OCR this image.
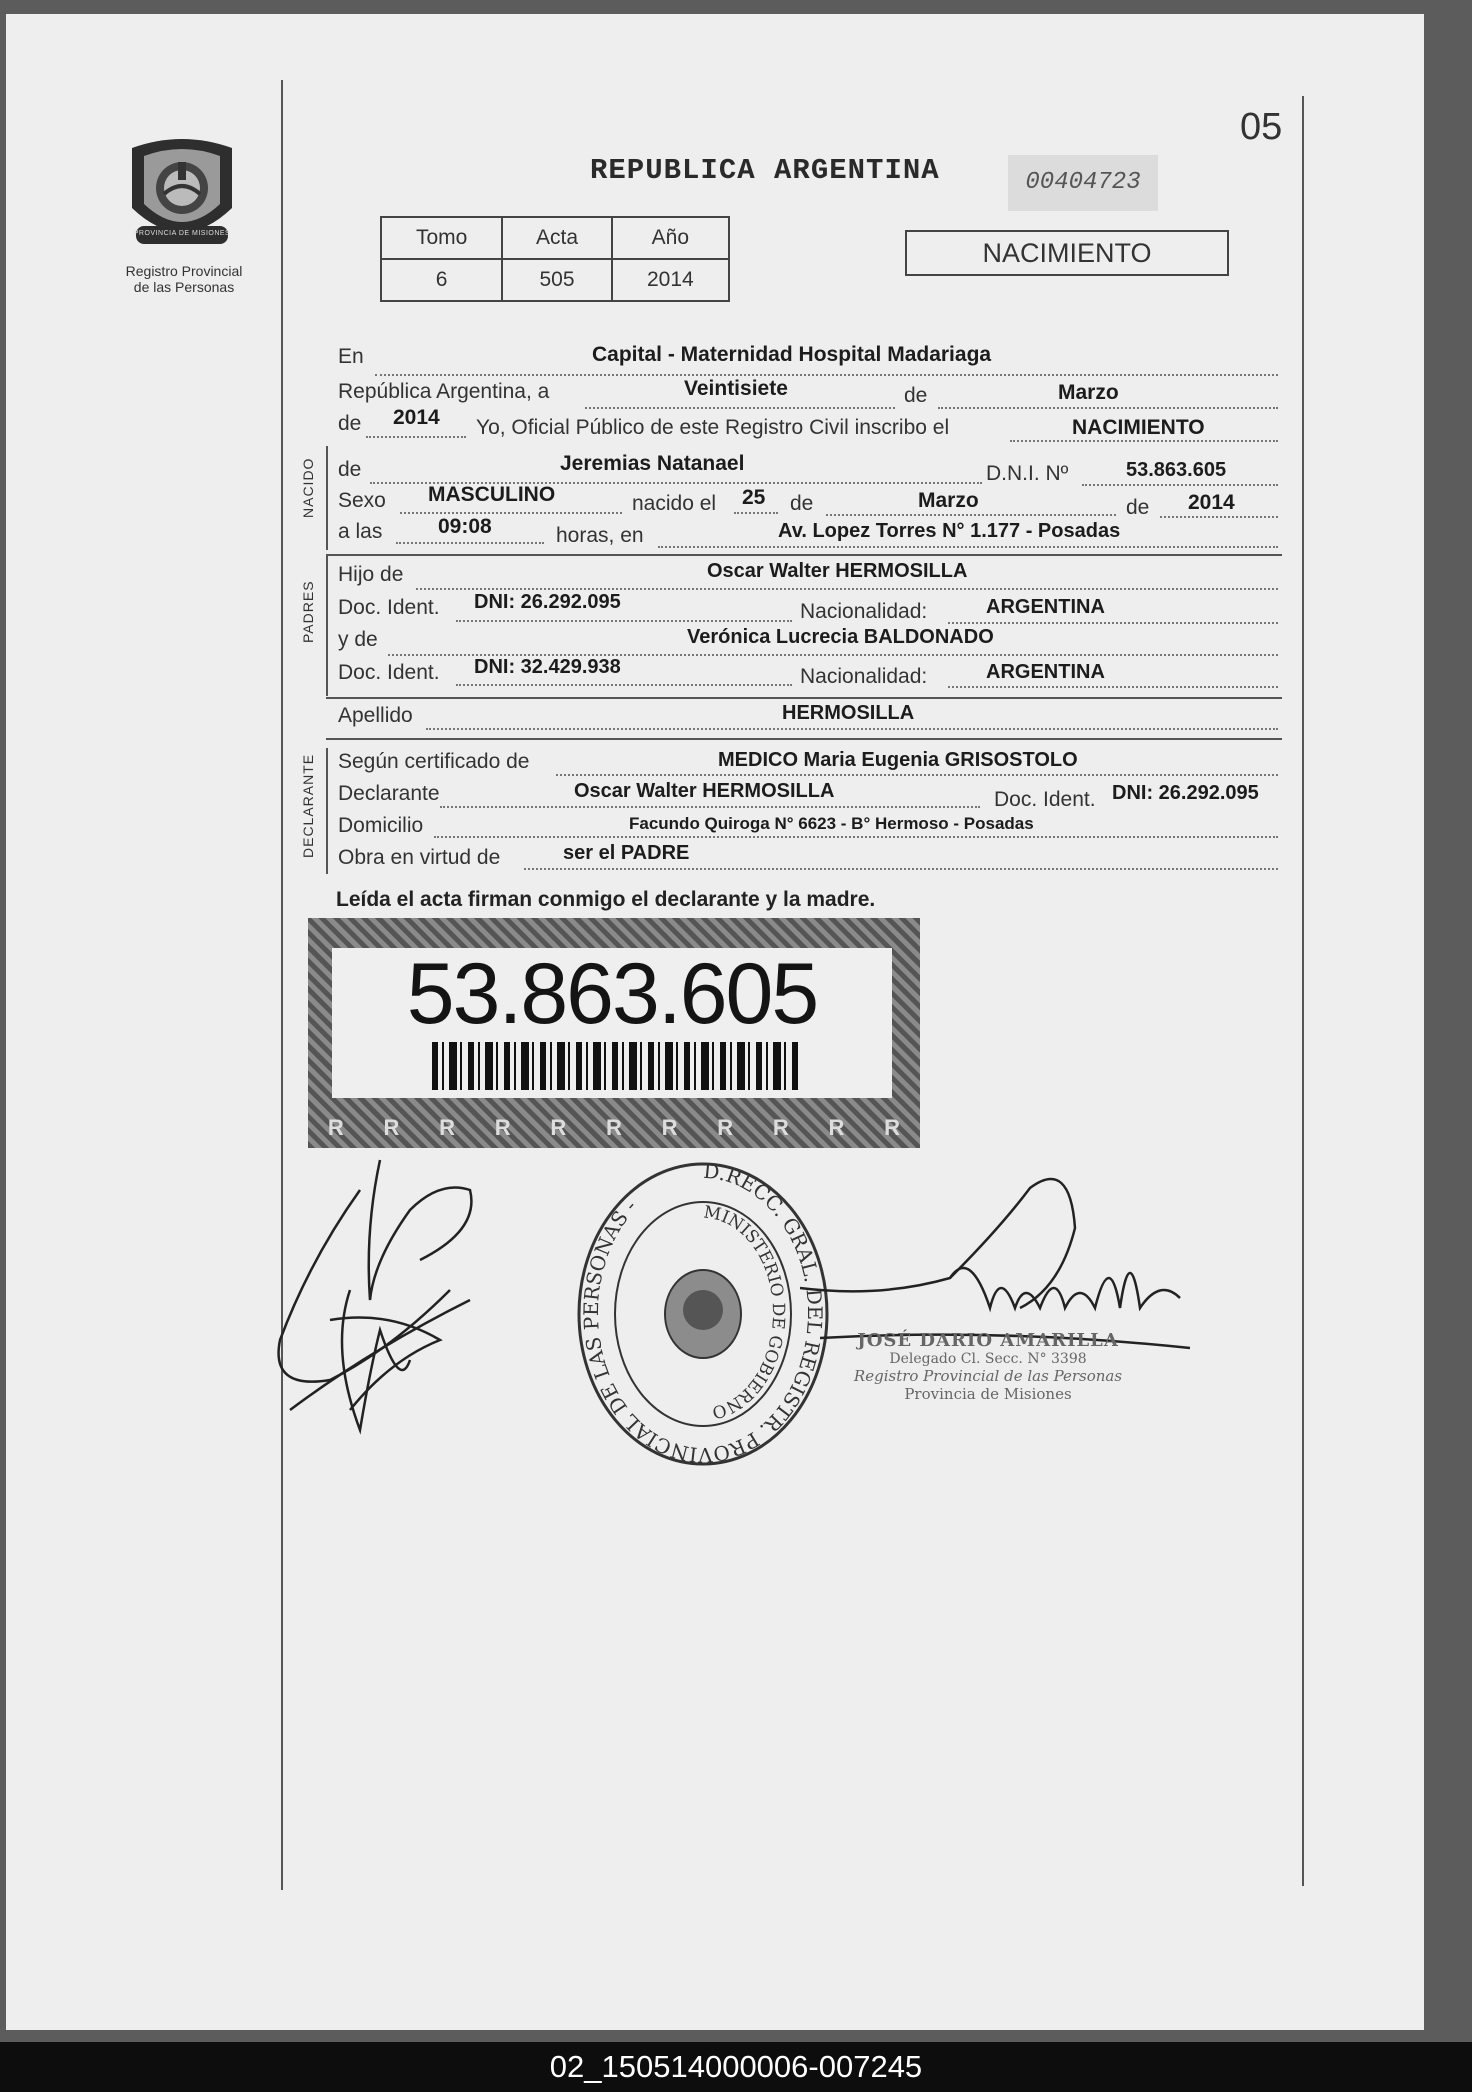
05
PROVINCIA DE MISIONES
Registro Provincial
de las Personas
REPUBLICA ARGENTINA	00404723
Tomo	Acta	Año
6	505	2014
NACIMIENTO
En	Capital - Maternidad Hospital Madariaga
República Argentina, a	Veintisiete	de	Marzo
de 2014 Yo, Oficial Público de este Registro Civil inscribo el	NACIMIENTO
NACIDO de	Jeremias Natanael	D.N.I. Nº	53.863.605
Sexo MASCULINO	nacido el 25 de	Marzo	de 2014
a las	09:08	horas, en	Av. Lopez Torres N° 1.177 - Posadas
PADRES
Hijo de	Oscar Walter HERMOSILLA
Doc. Ident. DNI: 26.292.095	Nacionalidad:	ARGENTINA
y de	Verónica Lucrecia BALDONADO
Doc. Ident. DNI: 32.429.938	Nacionalidad:	ARGENTINA
Apellido	HERMOSILLA
DECLARANTE Según certificado de	MEDICO Maria Eugenia GRISOSTOLO
Declarante	Oscar Walter HERMOSILLA	Doc. Ident. DNI: 26.292.095
Domicilio	Facundo Quiroga N° 6623 - B° Hermoso - Posadas
Obra en virtud de	ser el PADRE
Leída el acta firman conmigo el declarante y la madre.
R R R R R R R R R R R
53.863.605
D.RECC. GRAL. DEL REGISTR. PROVINCIAL DE LAS PERSONAS -	MINISTERIO DE GOBIERNO
JOSÉ DARIO AMARILLA
Delegado Cl. Secc. N° 3398
Registro Provincial de las Personas
Provincia de Misiones
02_150514000006-007245
